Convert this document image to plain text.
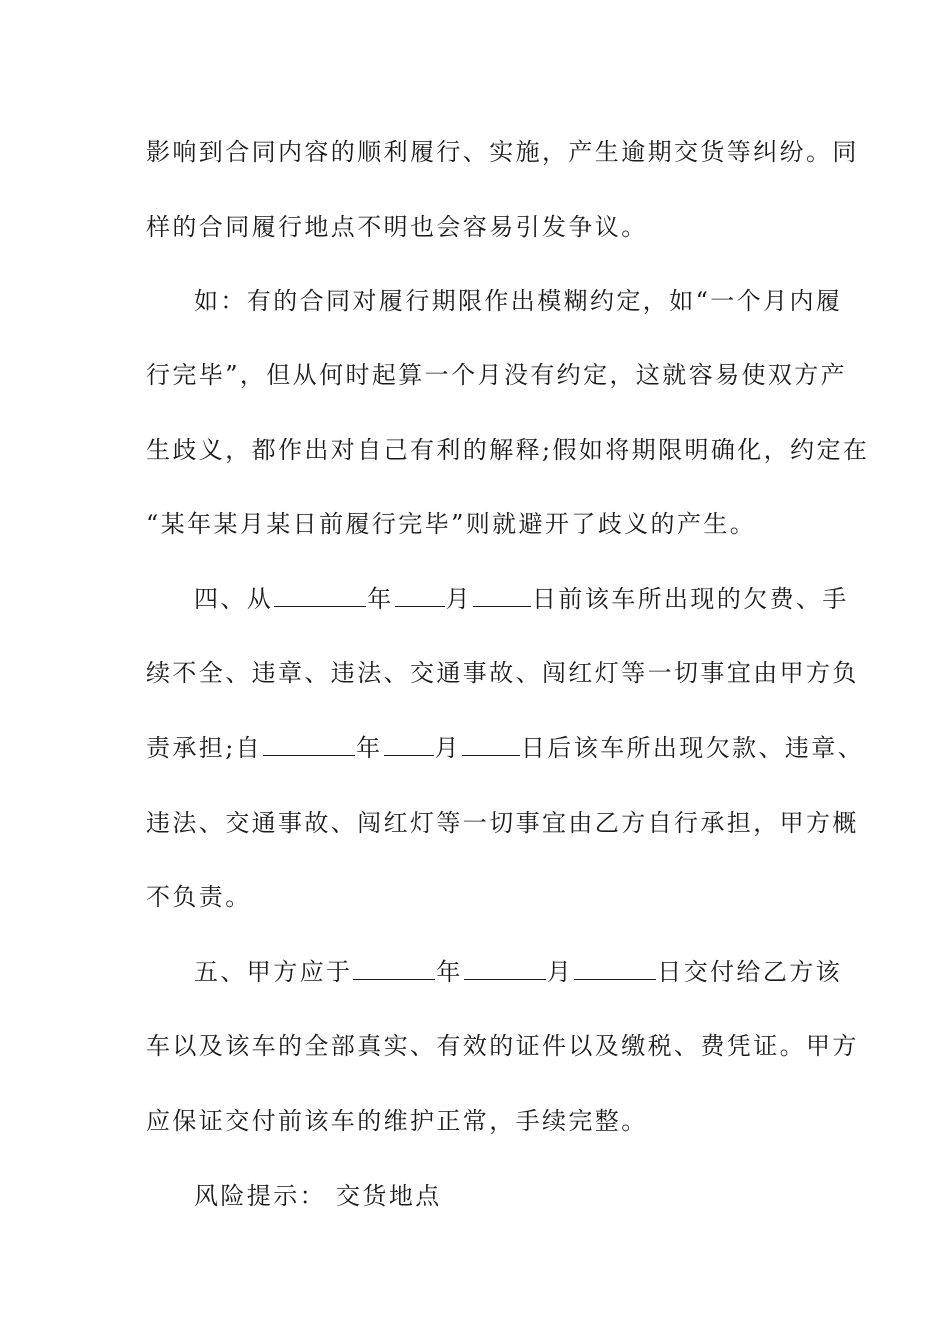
影响到合同内容的顺利履行、实施，产生逾期交货等纠纷。同
样的合同履行地点不明也会容易引发争议。
如：有的合同对履行期限作出模糊约定，如“一个月内履
行完毕”，但从何时起算一个月没有约定，这就容易使双方产
生歧义，都作出对自己有利的解释;假如将期限明确化，约定在
“某年某月某日前履行完毕”则就避开了歧义的产生。
四、从	年 月	日前该车所出现的欠费、手
续不全、违章、违法、交通事故、闯红灯等一切事宜由甲方负
责承担;自	年 月	日后该车所出现欠款、违章、
违法、交通事故、闯红灯等一切事宜由乙方自行承担，甲方概
不负责。
五、甲方应于	年	月	日交付给乙方该
车以及该车的全部真实、有效的证件以及缴税、费凭证。甲方
应保证交付前该车的维护正常，手续完整。
风险提示： 交货地点
